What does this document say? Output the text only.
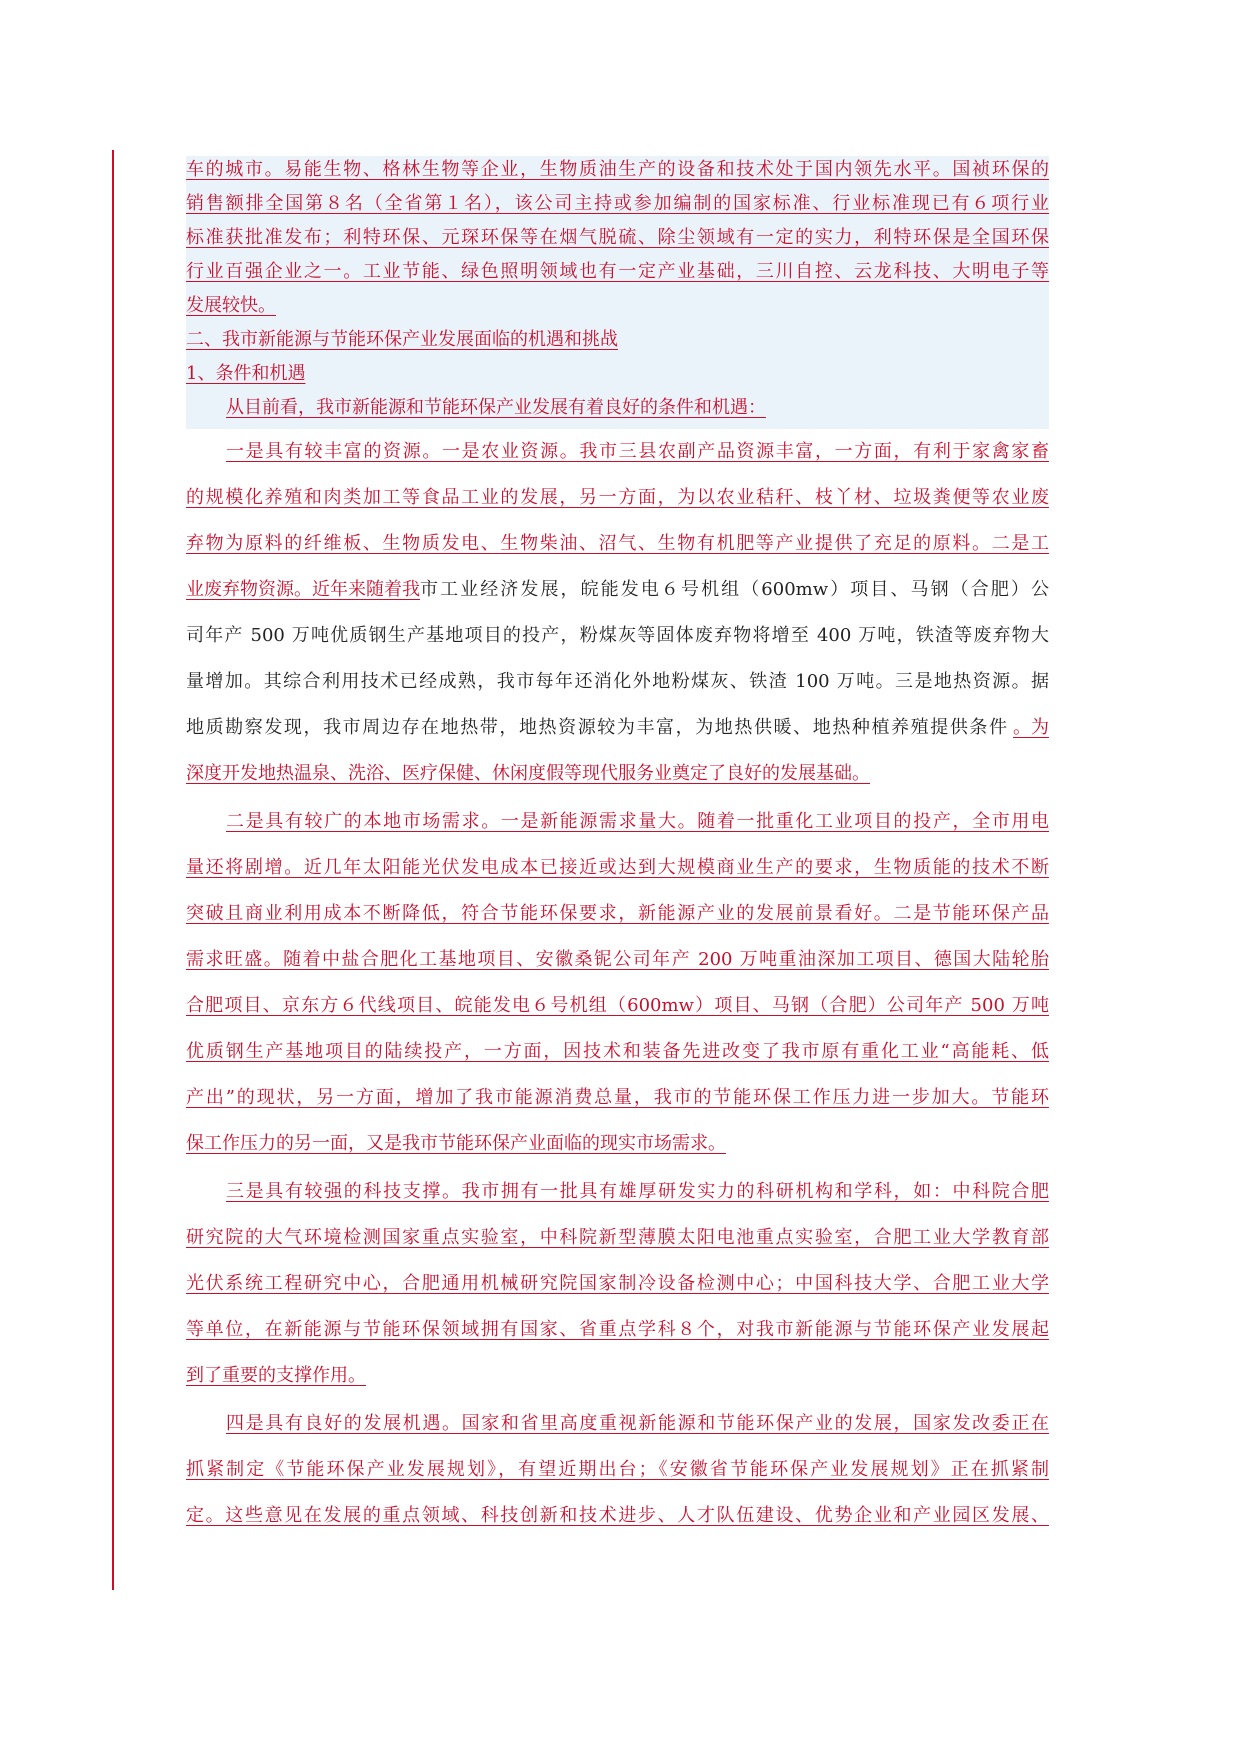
车的城市。易能生物、格林生物等企业，生物质油生产的设备和技术处于国内领先水平。国祯环保的
销售额排全国第８名（全省第１名），该公司主持或参加编制的国家标准、行业标准现已有６项行业
标准获批准发布；利特环保、元琛环保等在烟气脱硫、除尘领域有一定的实力，利特环保是全国环保
行业百强企业之一。工业节能、绿色照明领域也有一定产业基础，三川自控、云龙科技、大明电子等
发展较快。
二、我市新能源与节能环保产业发展面临的机遇和挑战
1、条件和机遇
从目前看，我市新能源和节能环保产业发展有着良好的条件和机遇：
一是具有较丰富的资源。一是农业资源。我市三县农副产品资源丰富，一方面，有利于家禽家畜
的规模化养殖和肉类加工等食品工业的发展，另一方面，为以农业秸秆、枝丫材、垃圾粪便等农业废
弃物为原料的纤维板、生物质发电、生物柴油、沼气、生物有机肥等产业提供了充足的原料。二是工
业废弃物资源。近年来随着我 市工业经济发展，皖能发电６号机组（600mw）项目、马钢（合肥）公
司年产 500 万吨优质钢生产基地项目的投产，粉煤灰等固体废弃物将增至 400 万吨，铁渣等废弃物大
量增加。其综合利用技术已经成熟，我市每年还消化外地粉煤灰、铁渣 100 万吨。三是地热资源。据
地质勘察发现，我市周边存在地热带，地热资源较为丰富，为地热供暖、地热种植养殖提供条件 。为
深度开发地热温泉、洗浴、医疗保健、休闲度假等现代服务业奠定了良好的发展基础。
二是具有较广的本地市场需求。一是新能源需求量大。随着一批重化工业项目的投产，全市用电
量还将剧增。近几年太阳能光伏发电成本已接近或达到大规模商业生产的要求，生物质能的技术不断
突破且商业利用成本不断降低，符合节能环保要求，新能源产业的发展前景看好。二是节能环保产品
需求旺盛。随着中盐合肥化工基地项目、安徽桑铌公司年产 200 万吨重油深加工项目、德国大陆轮胎
合肥项目、京东方６代线项目、皖能发电６号机组（600mw）项目、马钢（合肥）公司年产 500 万吨
优质钢生产基地项目的陆续投产，一方面，因技术和装备先进改变了我市原有重化工业“高能耗、低
产出”的现状，另一方面，增加了我市能源消费总量，我市的节能环保工作压力进一步加大。节能环
保工作压力的另一面，又是我市节能环保产业面临的现实市场需求。
三是具有较强的科技支撑。我市拥有一批具有雄厚研发实力的科研机构和学科，如：中科院合肥
研究院的大气环境检测国家重点实验室，中科院新型薄膜太阳电池重点实验室，合肥工业大学教育部
光伏系统工程研究中心，合肥通用机械研究院国家制冷设备检测中心；中国科技大学、合肥工业大学
等单位，在新能源与节能环保领域拥有国家、省重点学科８个，对我市新能源与节能环保产业发展起
到了重要的支撑作用。
四是具有良好的发展机遇。国家和省里高度重视新能源和节能环保产业的发展，国家发改委正在
抓紧制定《节能环保产业发展规划》，有望近期出台；《安徽省节能环保产业发展规划》正在抓紧制
定。这些意见在发展的重点领域、科技创新和技术进步、人才队伍建设、优势企业和产业园区发展、
